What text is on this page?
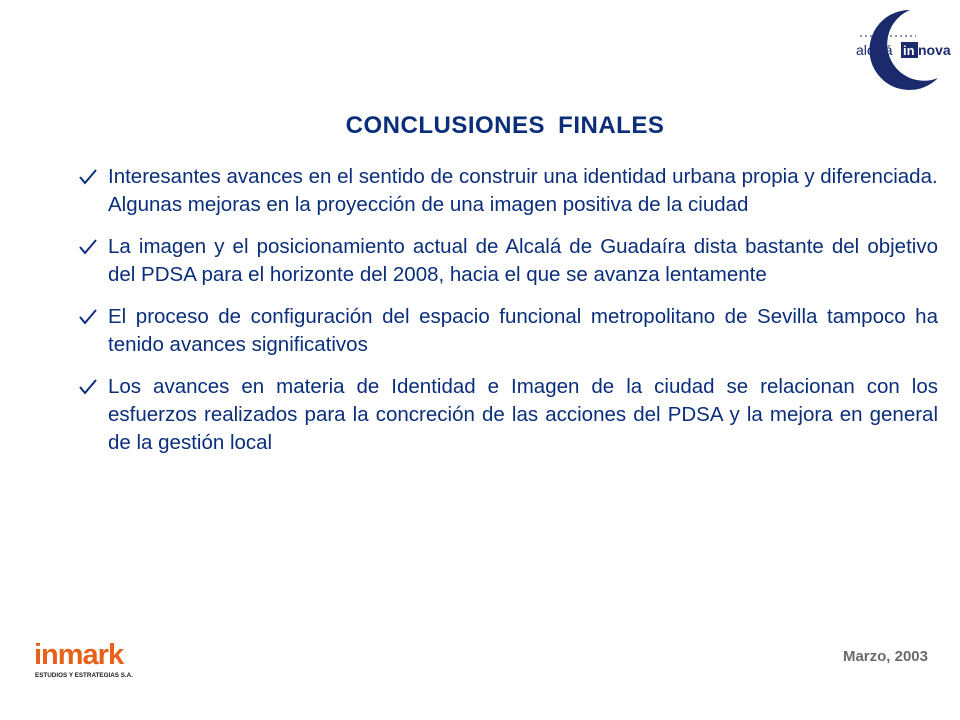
alcalá in nova
CONCLUSIONES FINALES
Interesantes avances en el sentido de construir una identidad urbana propia y diferenciada. Algunas mejoras en la proyección de una imagen positiva de la ciudad
La imagen y el posicionamiento actual de Alcalá de Guadaíra dista bastante del objetivo del PDSA para el horizonte del 2008, hacia el que se avanza lentamente
El proceso de configuración del espacio funcional metropolitano de Sevilla tampoco ha tenido avances significativos
Los avances en materia de Identidad e Imagen de la ciudad se relacionan con los esfuerzos realizados para la concreción de las acciones del PDSA y la mejora en general de la gestión local
inmark
ESTUDIOS Y ESTRATEGIAS S.A.
Marzo, 2003
